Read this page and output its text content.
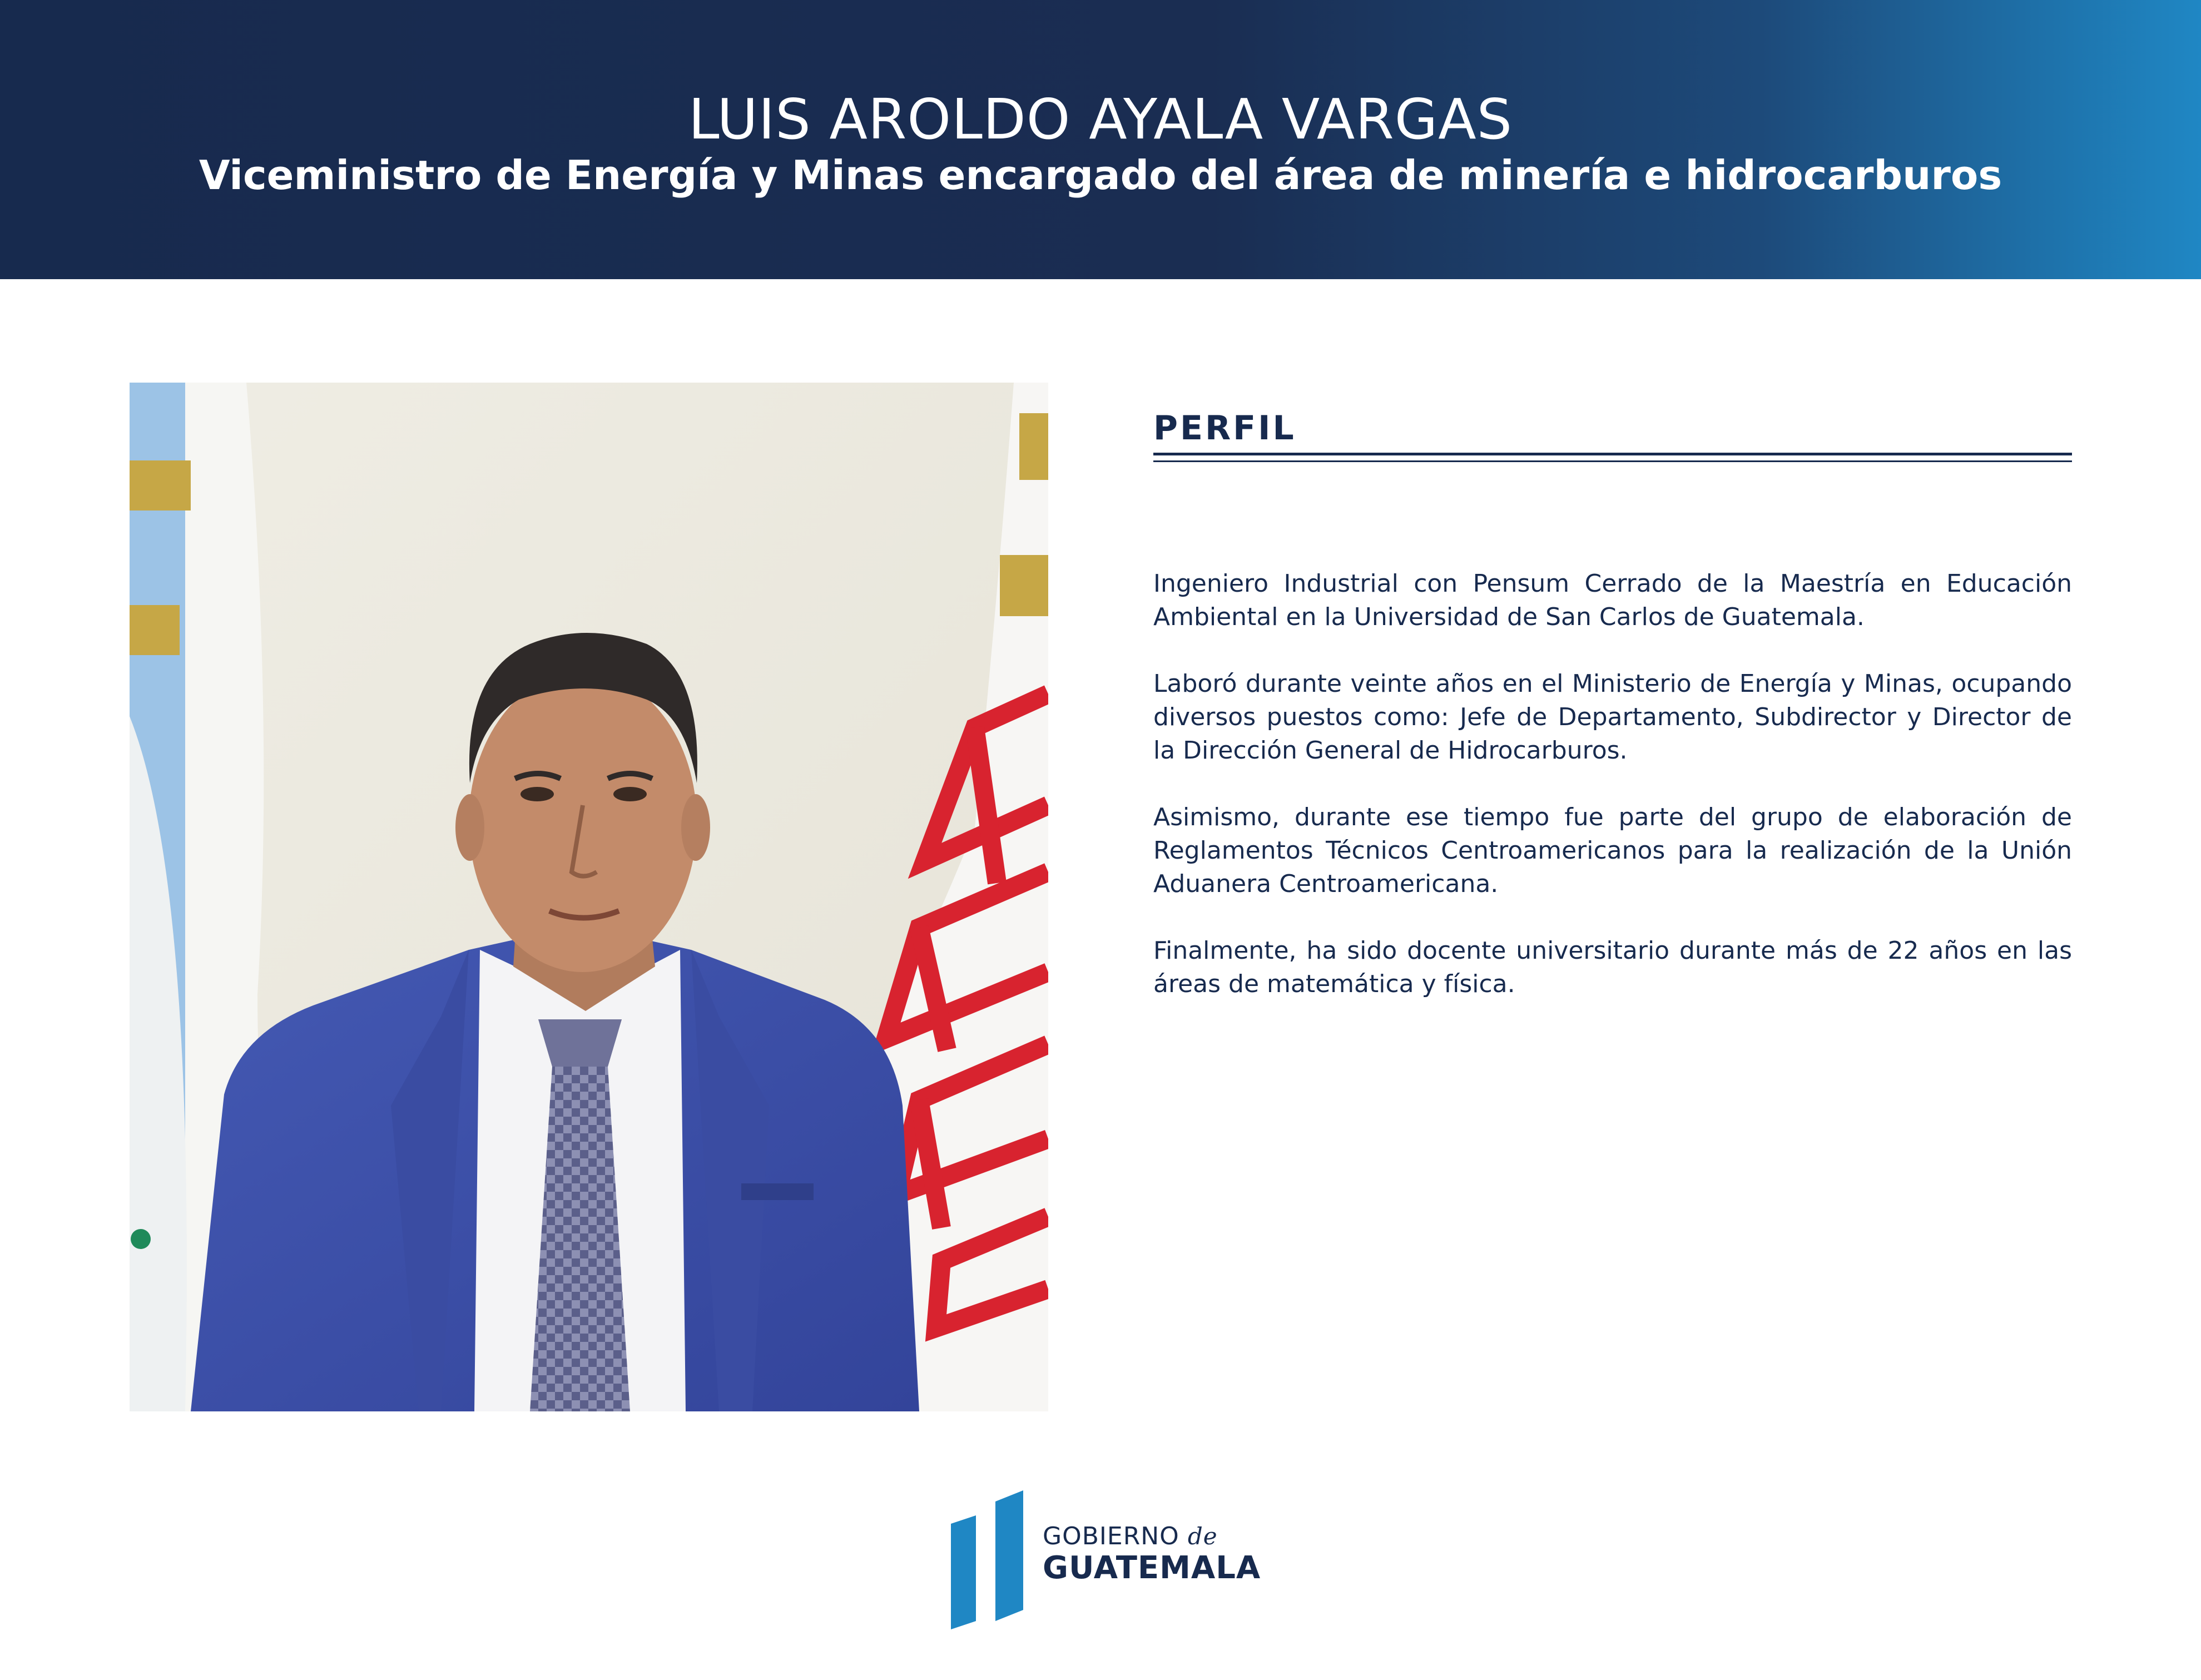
LUIS AROLDO AYALA VARGAS
Viceministro de Energía y Minas encargado del área de minería e hidrocarburos
PERFIL

Ingeniero Industrial con Pensum Cerrado de la Maestría en Educación Ambiental en la Universidad de San Carlos de Guatemala.

Laboró durante veinte años en el Ministerio de Energía y Minas, ocupando diversos puestos como: Jefe de Departamento, Subdirector y Director de la Dirección General de Hidrocarburos.

Asimismo, durante ese tiempo fue parte del grupo de elaboración de Reglamentos Técnicos Centroamericanos para la realización de la Unión Aduanera Centroamericana.

Finalmente, ha sido docente universitario durante más de 22 años en las áreas de matemática y física.

GOBIERNO de
GUATEMALA
